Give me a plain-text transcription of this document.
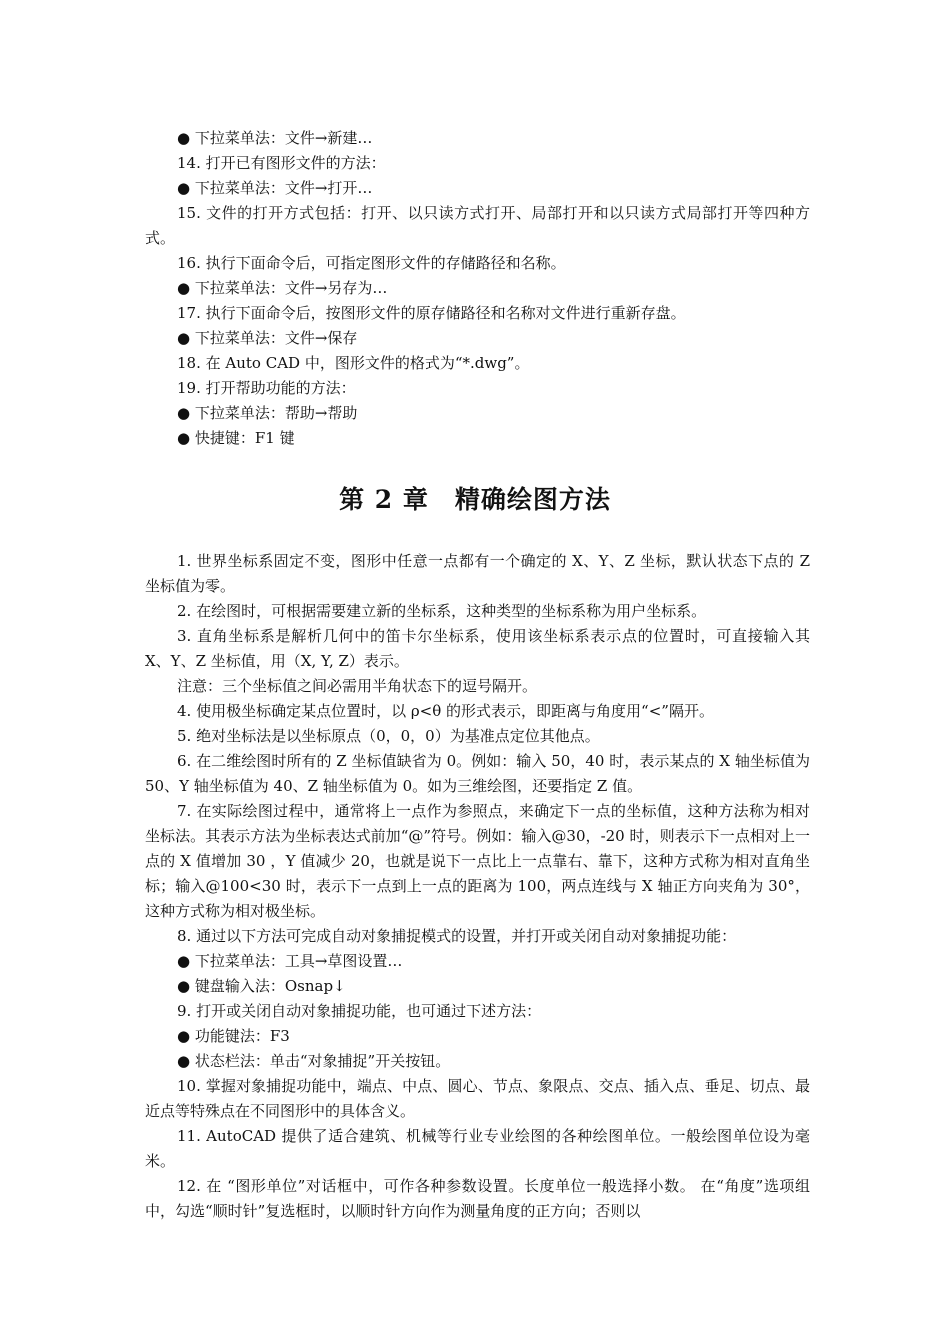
● 下拉菜单法：文件→新建…

14. 打开已有图形文件的方法：

● 下拉菜单法：文件→打开…

15. 文件的打开方式包括：打开、以只读方式打开、局部打开和以只读方式局部打开等四种方式。

16. 执行下面命令后，可指定图形文件的存储路径和名称。

● 下拉菜单法：文件→另存为…

17. 执行下面命令后，按图形文件的原存储路径和名称对文件进行重新存盘。

● 下拉菜单法：文件→保存

18. 在 Auto CAD 中，图形文件的格式为“*.dwg”。

19. 打开帮助功能的方法：

● 下拉菜单法：帮助→帮助

● 快捷键：F1 键

第 2 章　精确绘图方法

1. 世界坐标系固定不变，图形中任意一点都有一个确定的 X、Y、Z 坐标，默认状态下点的 Z 坐标值为零。

2. 在绘图时，可根据需要建立新的坐标系，这种类型的坐标系称为用户坐标系。

3. 直角坐标系是解析几何中的笛卡尔坐标系，使用该坐标系表示点的位置时，可直接输入其 X、Y、Z 坐标值，用（X, Y, Z）表示。

注意：三个坐标值之间必需用半角状态下的逗号隔开。

4. 使用极坐标确定某点位置时，以 ρ<θ 的形式表示，即距离与角度用“<”隔开。

5. 绝对坐标法是以坐标原点（0，0，0）为基准点定位其他点。

6. 在二维绘图时所有的 Z 坐标值缺省为 0。例如：输入 50，40 时，表示某点的 X 轴坐标值为 50、Y 轴坐标值为 40、Z 轴坐标值为 0。如为三维绘图，还要指定 Z 值。

7. 在实际绘图过程中，通常将上一点作为参照点，来确定下一点的坐标值，这种方法称为相对坐标法。其表示方法为坐标表达式前加“@”符号。例如：输入@30，-20 时，则表示下一点相对上一点的 X 值增加 30 ，Y 值减少 20，也就是说下一点比上一点靠右、靠下，这种方式称为相对直角坐标；输入@100<30 时，表示下一点到上一点的距离为 100，两点连线与 X 轴正方向夹角为 30°，这种方式称为相对极坐标。

8. 通过以下方法可完成自动对象捕捉模式的设置，并打开或关闭自动对象捕捉功能：

● 下拉菜单法：工具→草图设置…

● 键盘输入法：Osnap↓

9. 打开或关闭自动对象捕捉功能，也可通过下述方法：

● 功能键法：F3

● 状态栏法：单击“对象捕捉”开关按钮。

10. 掌握对象捕捉功能中，端点、中点、圆心、节点、象限点、交点、插入点、垂足、切点、最近点等特殊点在不同图形中的具体含义。

11. AutoCAD 提供了适合建筑、机械等行业专业绘图的各种绘图单位。一般绘图单位设为毫米。

12. 在 “图形单位”对话框中，可作各种参数设置。长度单位一般选择小数。 在“角度”选项组中，勾选“顺时针”复选框时，以顺时针方向作为测量角度的正方向；否则以
